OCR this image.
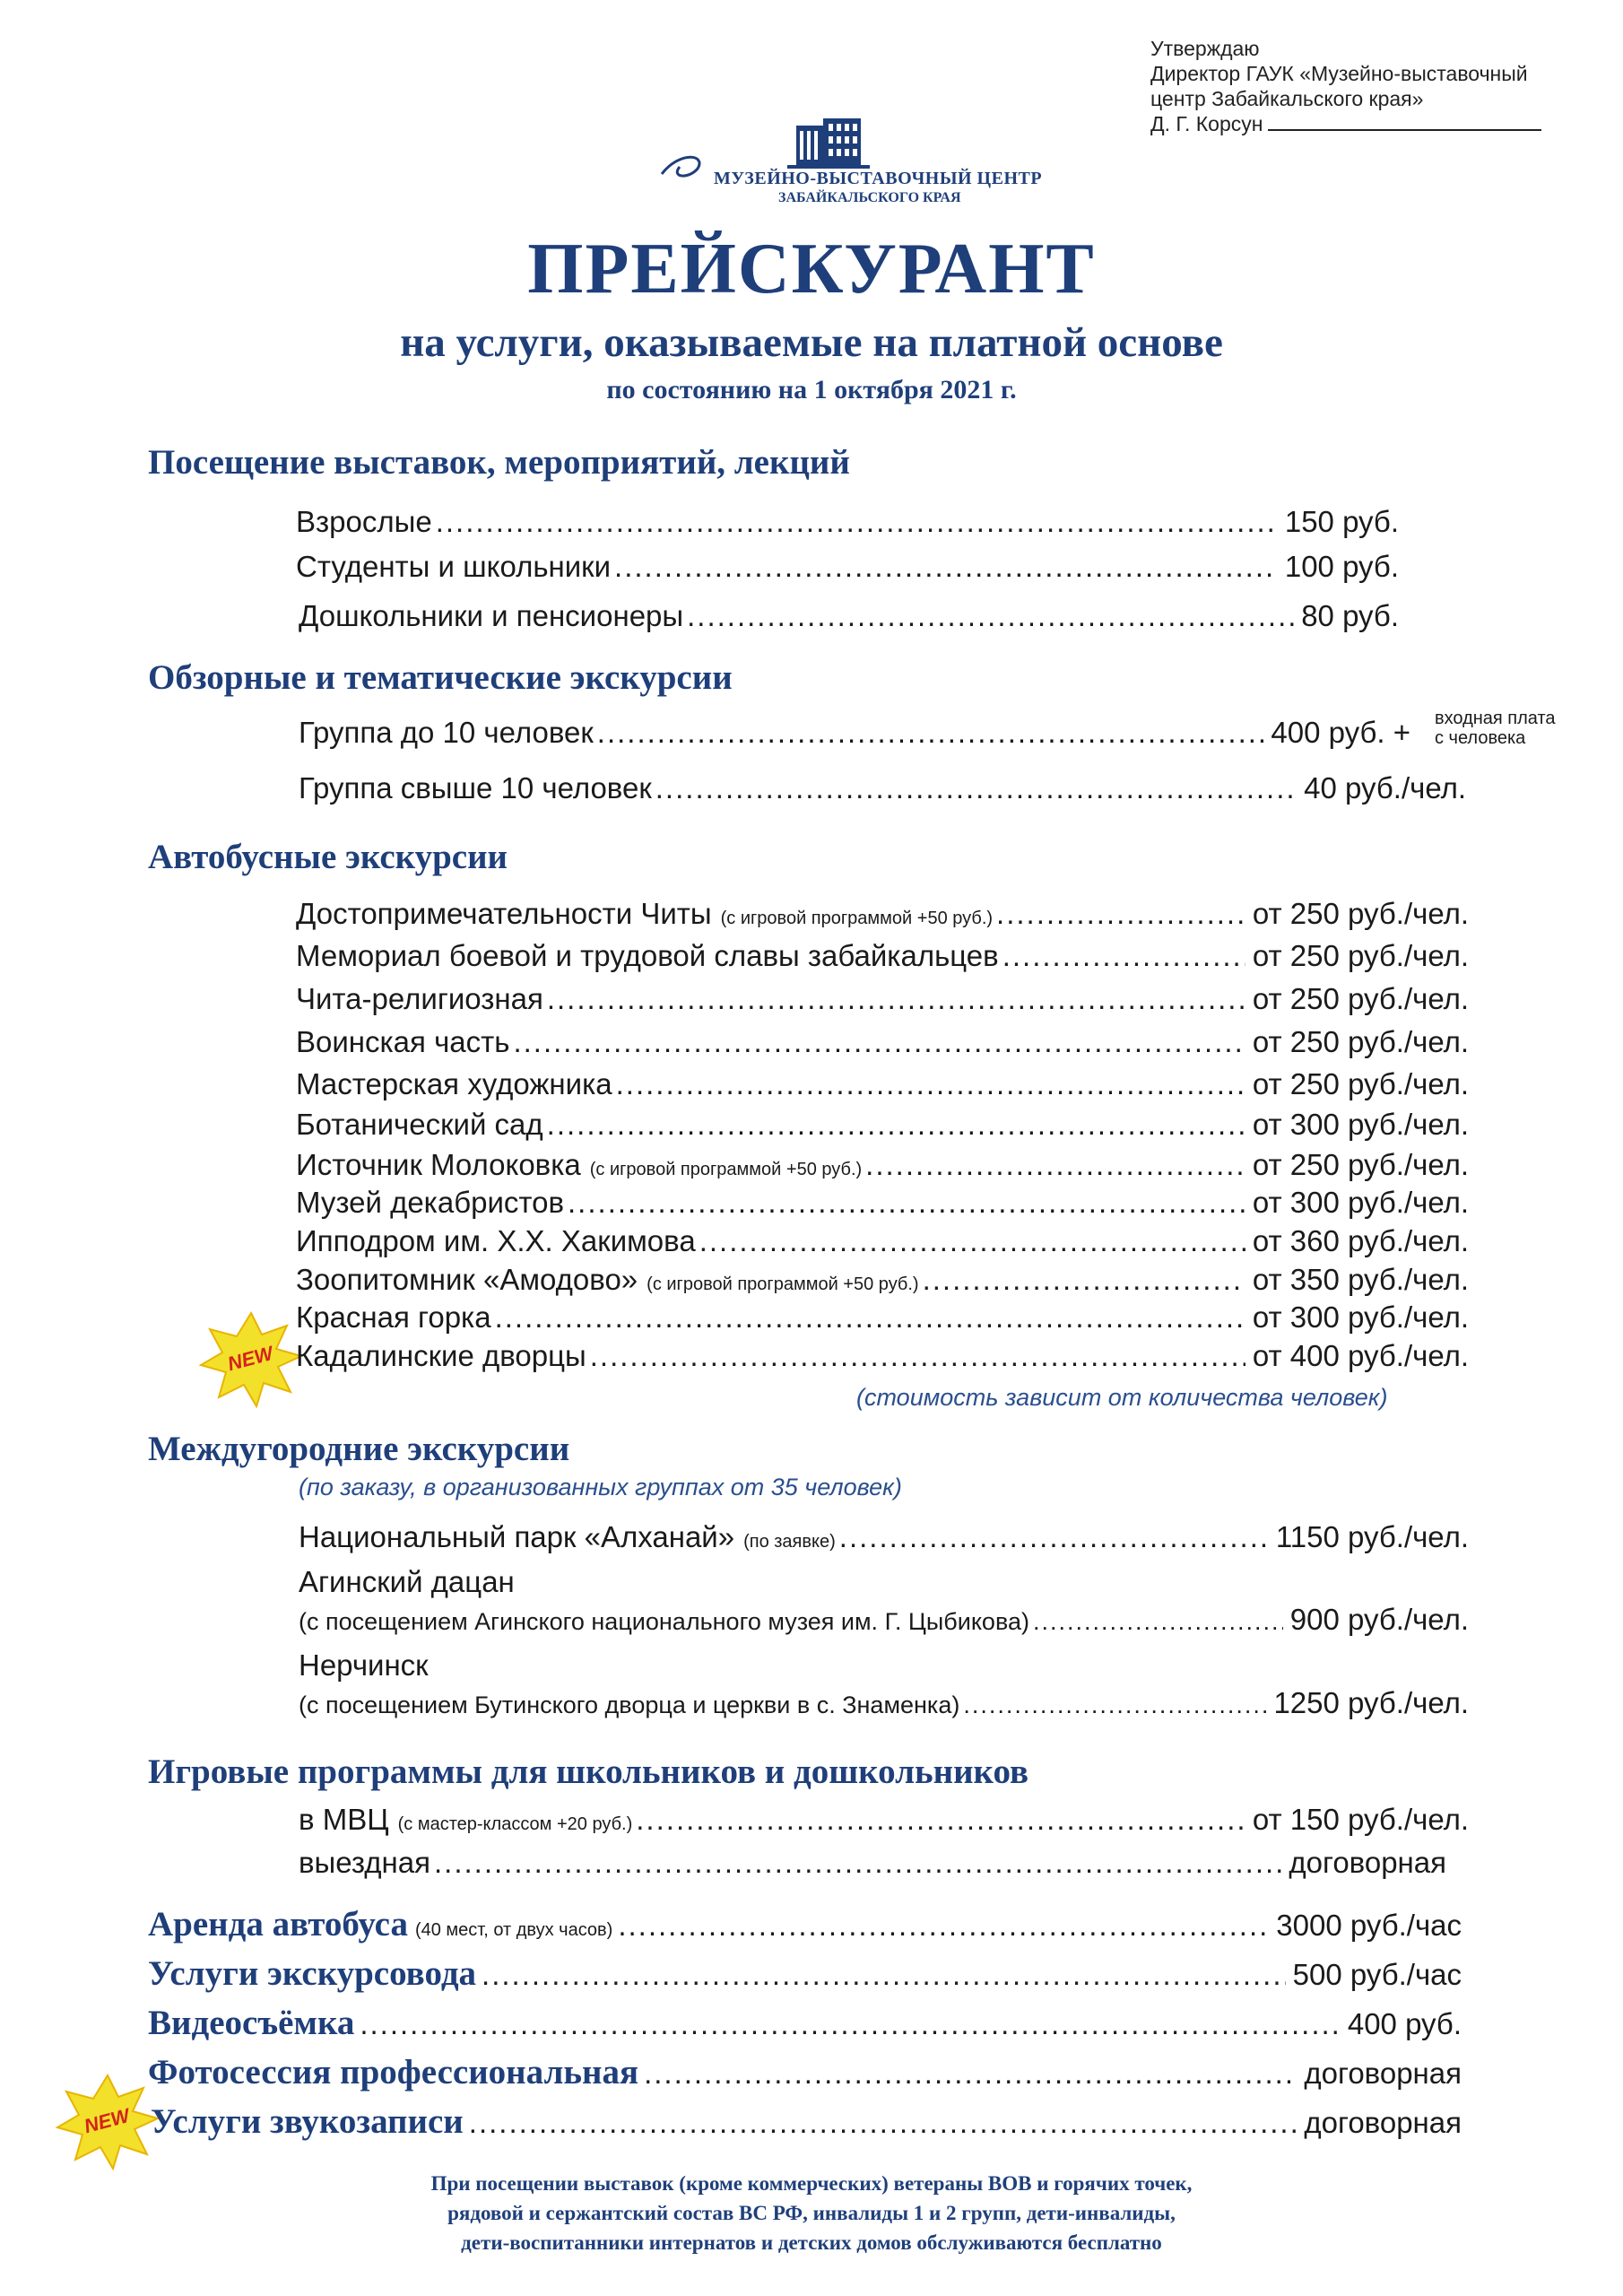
Утверждаю
Директор ГАУК «Музейно-выставочный
центр Забайкальского края»
Д. Г. Корсун
МУЗЕЙНО-ВЫСТАВОЧНЫЙ ЦЕНТР
ЗАБАЙКАЛЬСКОГО КРАЯ
ПРЕЙСКУРАНТ
на услуги, оказываемые на платной основе
по состоянию на 1 октября 2021 г.
Посещение выставок, мероприятий, лекций
Взрослые .....	150 руб.
Студенты и школьники .....	100 руб.
Дошкольники и пенсионеры .....	80 руб.
Обзорные и тематические экскурсии
Группа до 10 человек .....	400 руб. + входная плата
с человека
Группа свыше 10 человек .....	40 руб./чел.
Автобусные экскурсии
Достопримечательности Читы (с игровой программой +50 руб.) .....	от 250 руб./чел.
Мемориал боевой и трудовой славы забайкальцев .....	от 250 руб./чел.
Чита-религиозная .....	от 250 руб./чел.
Воинская часть .....	от 250 руб./чел.
Мастерская художника .....	от 250 руб./чел.
Ботанический сад .....	от 300 руб./чел.
Источник Молоковка (с игровой программой +50 руб.) .....	от 250 руб./чел.
Музей декабристов .....	от 300 руб./чел.
Ипподром им. Х.Х. Хакимова .....	от 360 руб./чел.
Зоопитомник «Амодово» (с игровой программой +50 руб.) .....	от 350 руб./чел.
Красная горка .....	от 300 руб./чел.
NEW Кадалинские дворцы .....	от 400 руб./чел.
(стоимость зависит от количества человек)
Междугородние экскурсии
(по заказу, в организованных группах от 35 человек)
Национальный парк «Алханай» (по заявке) .....	1150 руб./чел.
Агинский дацан
(с посещением Агинского национального музея им. Г. Цыбикова) .....	900 руб./чел.
Нерчинск
(с посещением Бутинского дворца и церкви в с. Знаменка) .....	1250 руб./чел.
Игровые программы для школьников и дошкольников
в МВЦ (с мастер-классом +20 руб.) .....	от 150 руб./чел.
выездная .....	договорная
Аренда автобуса (40 мест, от двух часов) .....	3000 руб./час
Услуги экскурсовода .....	500 руб./час
Видеосъёмка .....	400 руб.
Фотосессия профессиональная .....	договорная
NEW Услуги звукозаписи .....	договорная
При посещении выставок (кроме коммерческих) ветераны ВОВ и горячих точек,
рядовой и сержантский состав ВС РФ, инвалиды 1 и 2 групп, дети-инвалиды,
дети-воспитанники интернатов и детских домов обслуживаются бесплатно
